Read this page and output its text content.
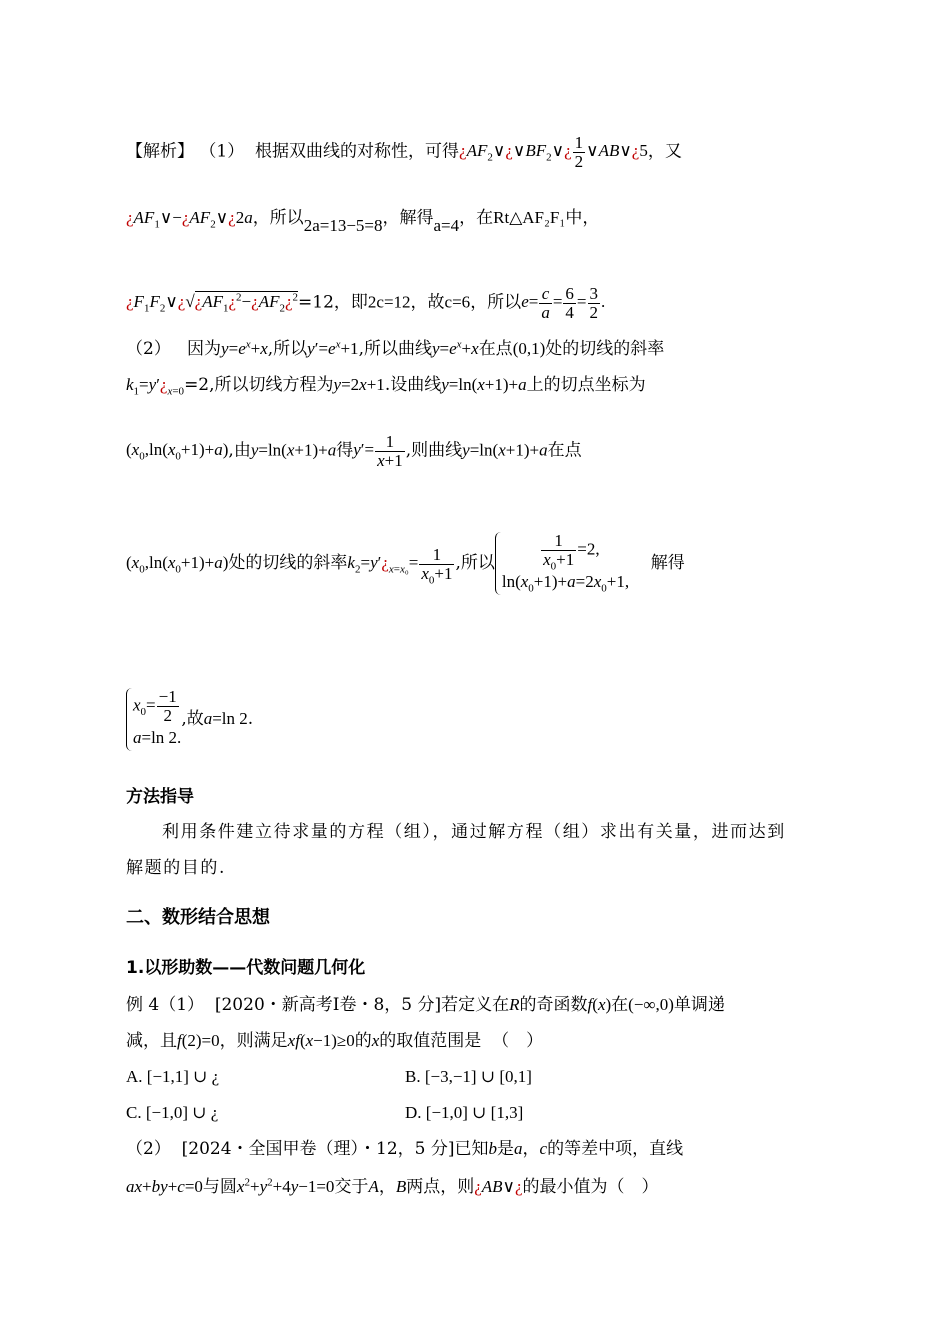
【解析】 （1） 根据双曲线的对称性，可得¿$AF_2\vee¿\vee BF_2\vee¿ \frac{1}{2}$ ∨AB∨¿5，又
¿$AF_1\vee-¿AF_2\vee¿2a$，所以2a=13−5=8，解得a=4，在Rt△AF₂F₁中，
¿$F_1F_2\vee¿√¿AF_1¿^2-¿AF_2¿^2=12$，即2c=12，故c=6，所以$e= \frac{c}{a} = \frac{6}{4} = \frac{3}{2}$ .
（2） 因为$y=e^x+x$,所以$y'=e^x+1$,所以曲线$y=e^x+x$在点(0,1)处的切线的斜率
$k_1=y'¿_{x=0}=2$,所以切线方程为y=2x+1.设曲线y=ln(x+1)+a上的切点坐标为
$(x_0,\ln(x_0+1)+a)$,由y=ln(x+1)+a得$y'= \frac{1}{x+1}$ ,则曲线y=ln(x+1)+a在点
$(x_0,\ln(x_0+1)+a)$处的切线的斜率$k_2=y'¿_{x=x_0}= \frac{1}{x_0+1}$ ,所以
	$\frac{1}{x_0+1} =2$,
$\ln(x_0+1)+a=2x_0+1$,
解得
$x_0= \frac{-1}{2}$
a=ln 2.
,故a=ln 2.
方法指导
利用条件建立待求量的方程（组），通过解方程（组）求出有关量，进而达到
解题的目的.
二、数形结合思想
1.以形助数——代数问题几何化
例 4（1） [2020・新高考Ⅰ卷・8，5 分]若定义在R的奇函数f(x)在(−∞,0)单调递
减，且f(2)=0，则满足xf(x−1)≥0的x的取值范围是 （　）
A. [−1,1] ∪ ¿	B. [−3,−1] ∪ [0,1]
C. [−1,0] ∪ ¿	D. [−1,0] ∪ [1,3]
（2） [2024・全国甲卷（理）・12，5 分]已知b是a，c的等差中项，直线
ax+by+c=0与圆$x^2+y^2+4y-1=0$交于A，B两点，则¿AB∨¿的最小值为（　）
